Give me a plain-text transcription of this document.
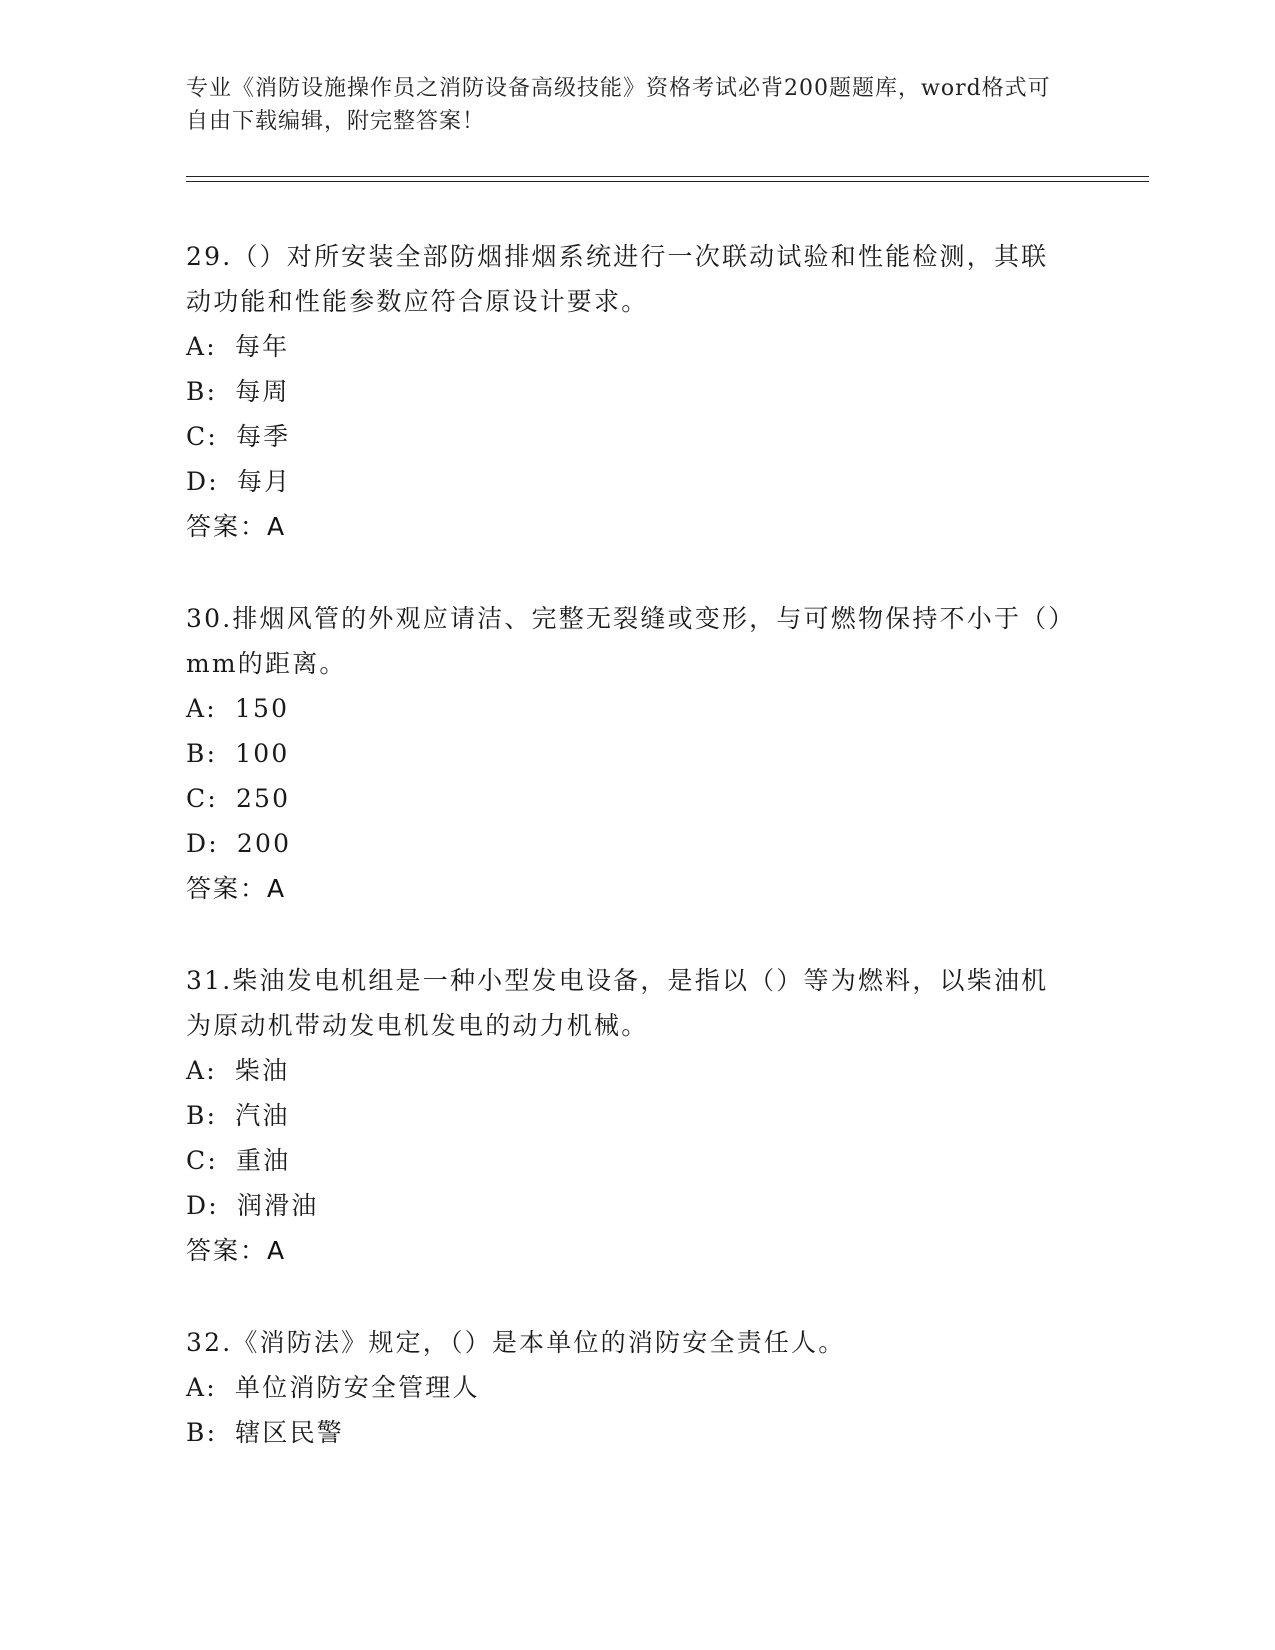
专业《消防设施操作员之消防设备高级技能》资格考试必背200题题库，word格式可自由下载编辑，附完整答案！
29.（）对所安装全部防烟排烟系统进行一次联动试验和性能检测，其联动功能和性能参数应符合原设计要求。
A: 每年
B: 每周
C: 每季
D: 每月
答案：A
30.排烟风管的外观应请洁、完整无裂缝或变形，与可燃物保持不小于（）mm的距离。
A: 150
B: 100
C: 250
D: 200
答案：A
31.柴油发电机组是一种小型发电设备，是指以（）等为燃料，以柴油机为原动机带动发电机发电的动力机械。
A: 柴油
B: 汽油
C: 重油
D: 润滑油
答案：A
32.《消防法》规定，（）是本单位的消防安全责任人。
A: 单位消防安全管理人
B: 辖区民警
